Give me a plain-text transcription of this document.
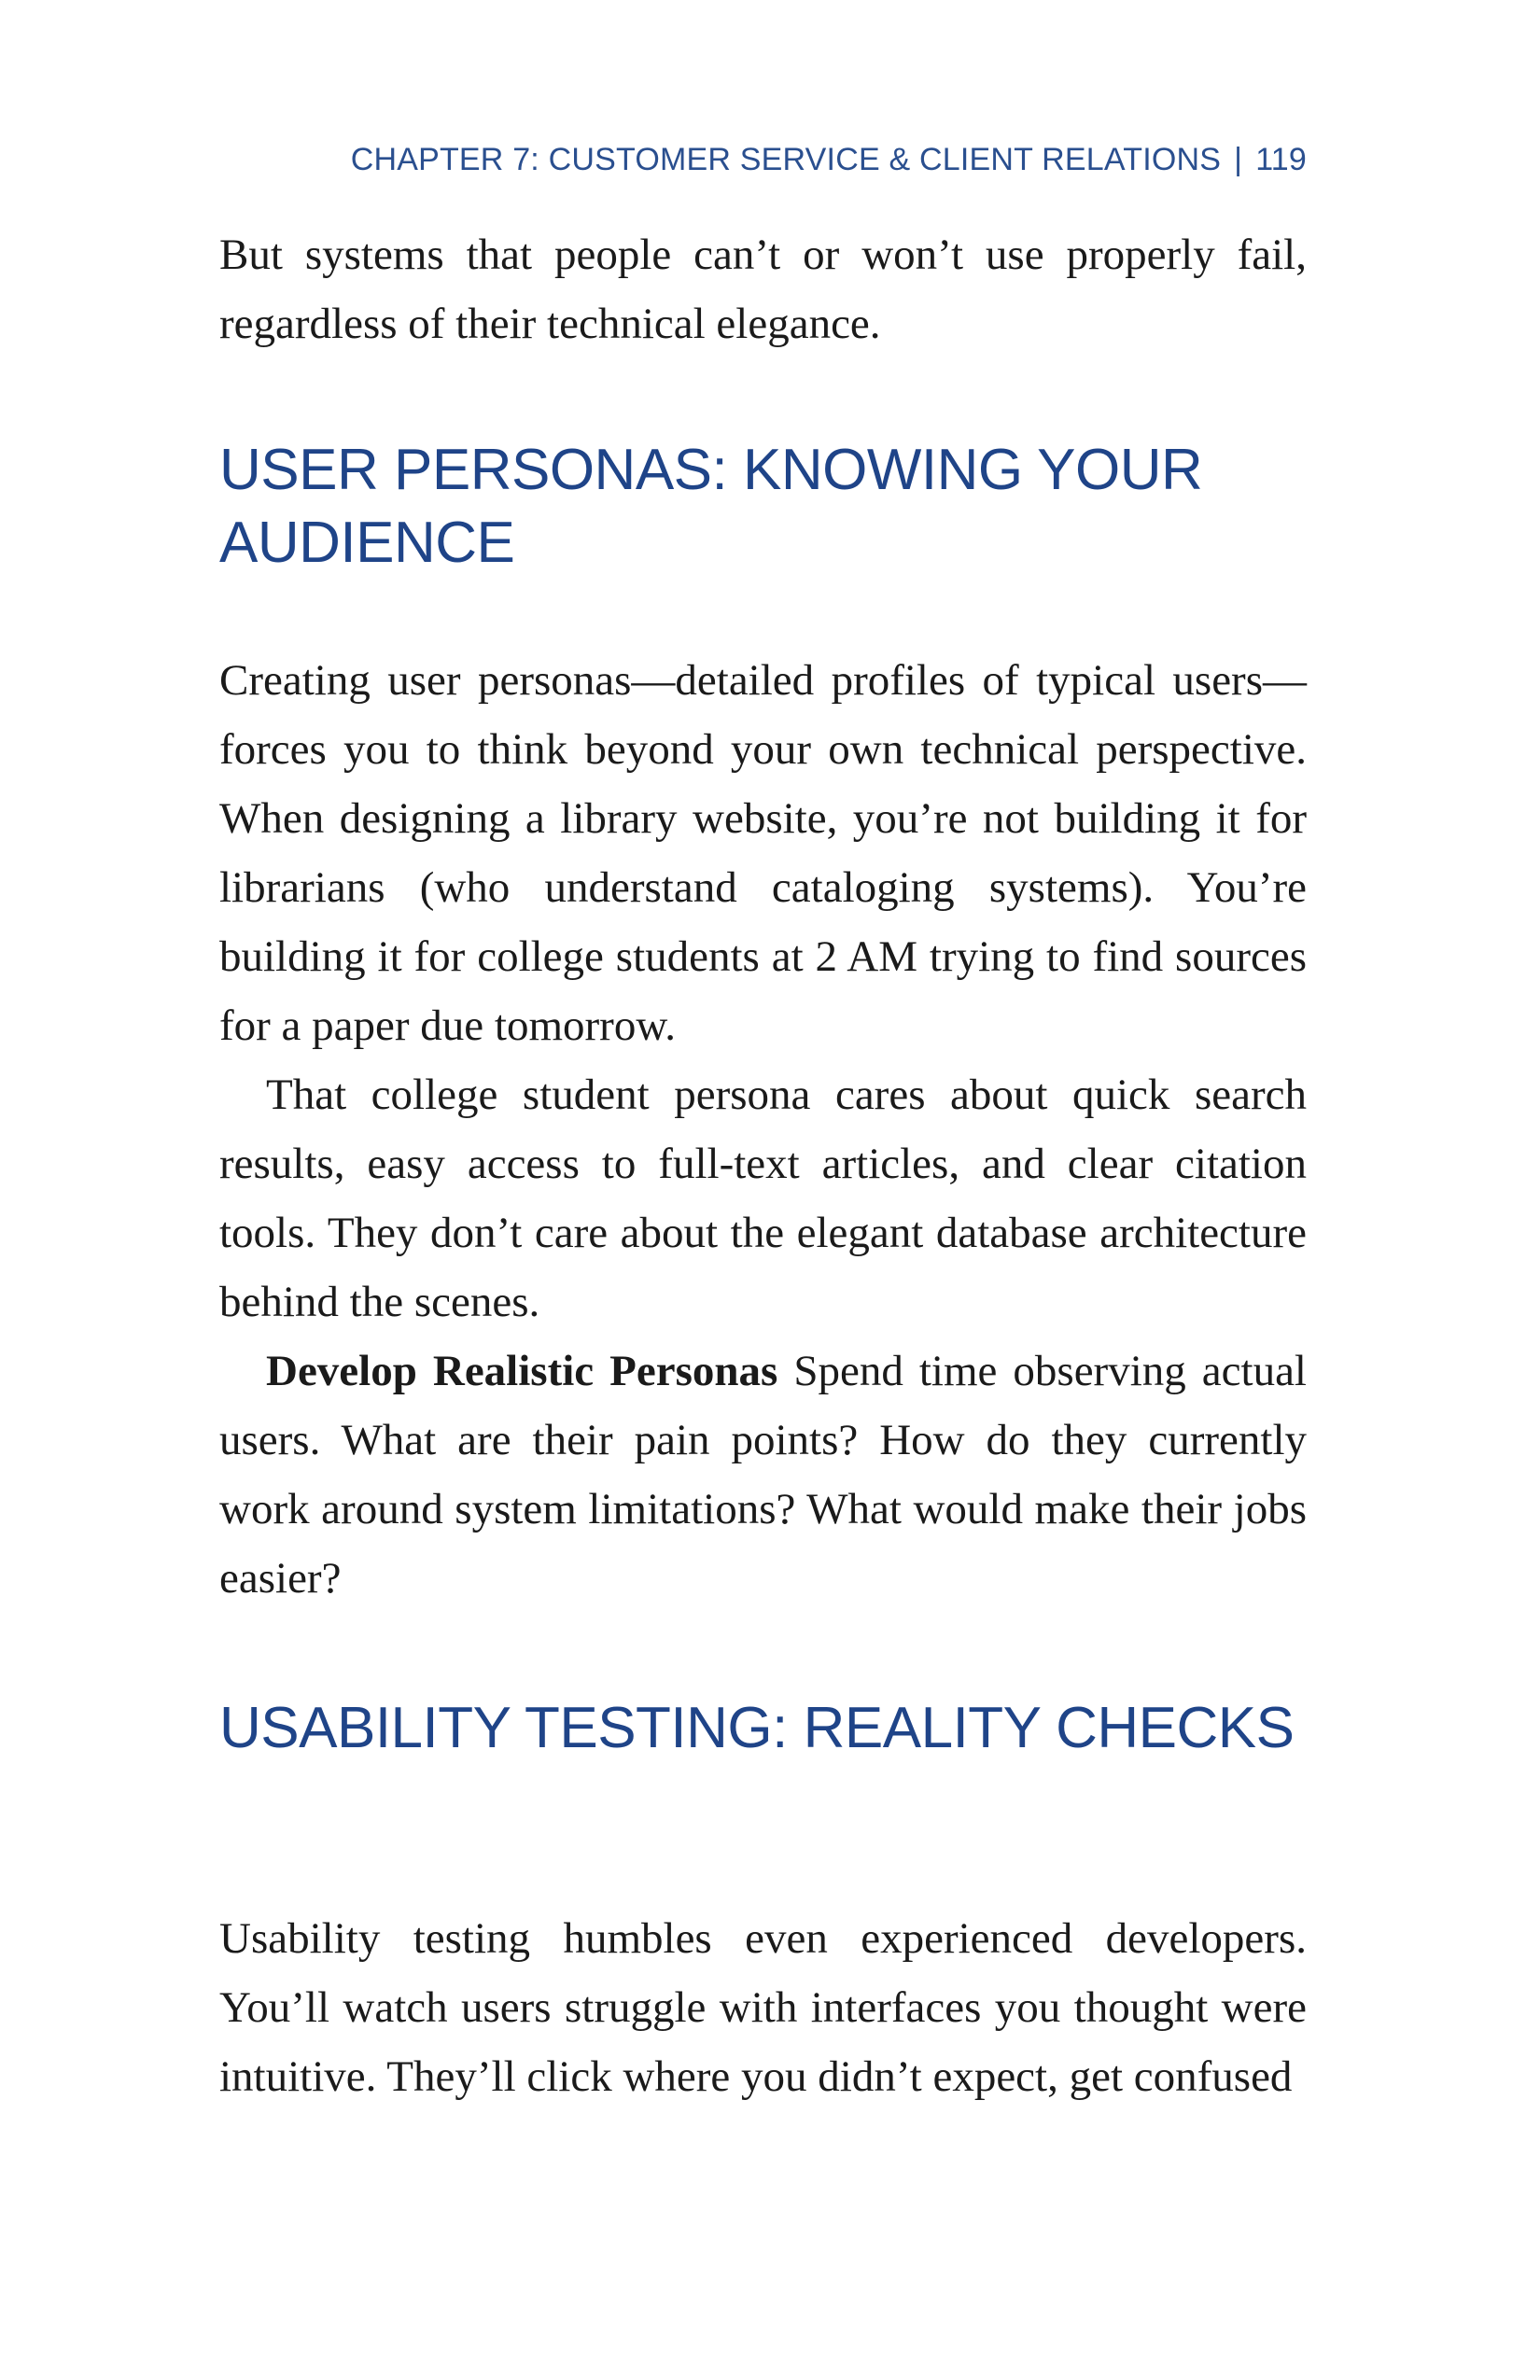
CHAPTER 7: CUSTOMER SERVICE & CLIENT RELATIONS | 119

But systems that people can’t or won’t use properly fail, regardless of their technical elegance.

USER PERSONAS: KNOWING YOUR AUDIENCE

Creating user personas—detailed profiles of typical users—forces you to think beyond your own technical perspective. When designing a library website, you’re not building it for librarians (who understand cataloging systems). You’re building it for college students at 2 AM trying to find sources for a paper due tomorrow.

That college student persona cares about quick search results, easy access to full-text articles, and clear citation tools. They don’t care about the elegant database architecture behind the scenes.

Develop Realistic Personas Spend time observing actual users. What are their pain points? How do they currently work around system limitations? What would make their jobs easier?

USABILITY TESTING: REALITY CHECKS

Usability testing humbles even experienced developers. You’ll watch users struggle with interfaces you thought were intuitive. They’ll click where you didn’t expect, get confused
